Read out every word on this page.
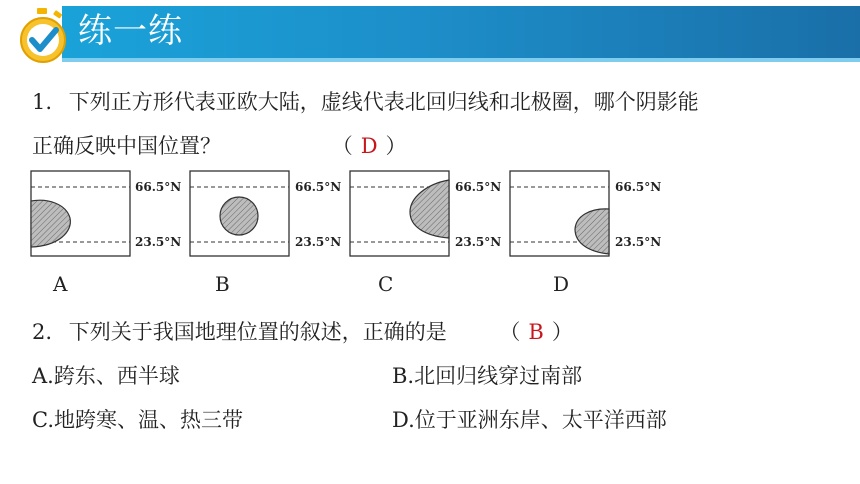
练一练
1. 下列正方形代表亚欧大陆，虚线代表北回归线和北极圈，哪个阴影能
正确反映中国位置？	（ D ）
66.5°N
23.5°N
66.5°N
23.5°N
66.5°N
23.5°N
66.5°N
23.5°N
A	B	C	D
2. 下列关于我国地理位置的叙述，正确的是	（ B ）
A.跨东、西半球	B.北回归线穿过南部
C.地跨寒、温、热三带	D.位于亚洲东岸、太平洋西部
